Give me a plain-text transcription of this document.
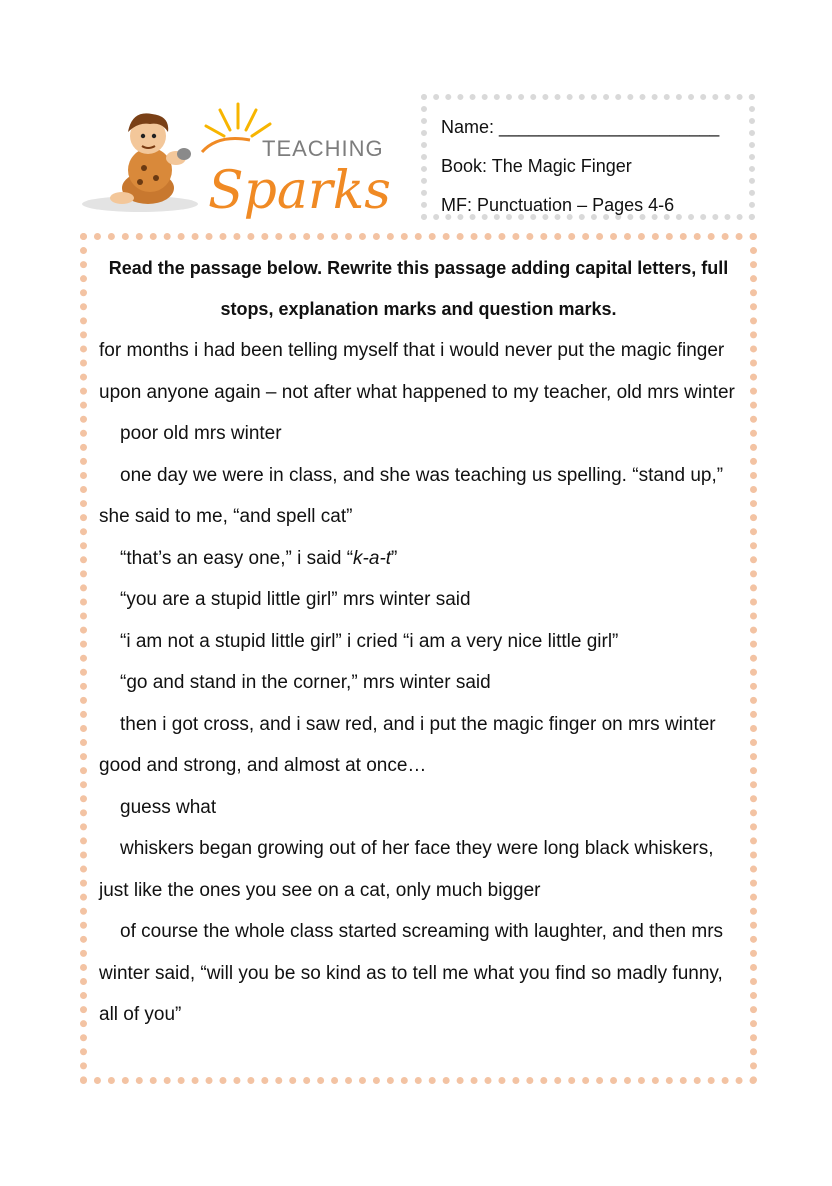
TEACHING
Sparks
Name: ______________________
Book: The Magic Finger
MF: Punctuation – Pages 4-6
Read the passage below. Rewrite this passage adding capital letters, full stops, explanation marks and question marks.

for months i had been telling myself that i would never put the magic finger upon anyone again – not after what happened to my teacher, old mrs winter

poor old mrs winter

one day we were in class, and she was teaching us spelling. “stand up,” she said to me, “and spell cat”

“that’s an easy one,” i said “k-a-t”

“you are a stupid little girl” mrs winter said

“i am not a stupid little girl” i cried “i am a very nice little girl”

“go and stand in the corner,” mrs winter said

then i got cross, and i saw red, and i put the magic finger on mrs winter good and strong, and almost at once…

guess what

whiskers began growing out of her face they were long black whiskers, just like the ones you see on a cat, only much bigger

of course the whole class started screaming with laughter, and then mrs winter said, “will you be so kind as to tell me what you find so madly funny, all of you”
